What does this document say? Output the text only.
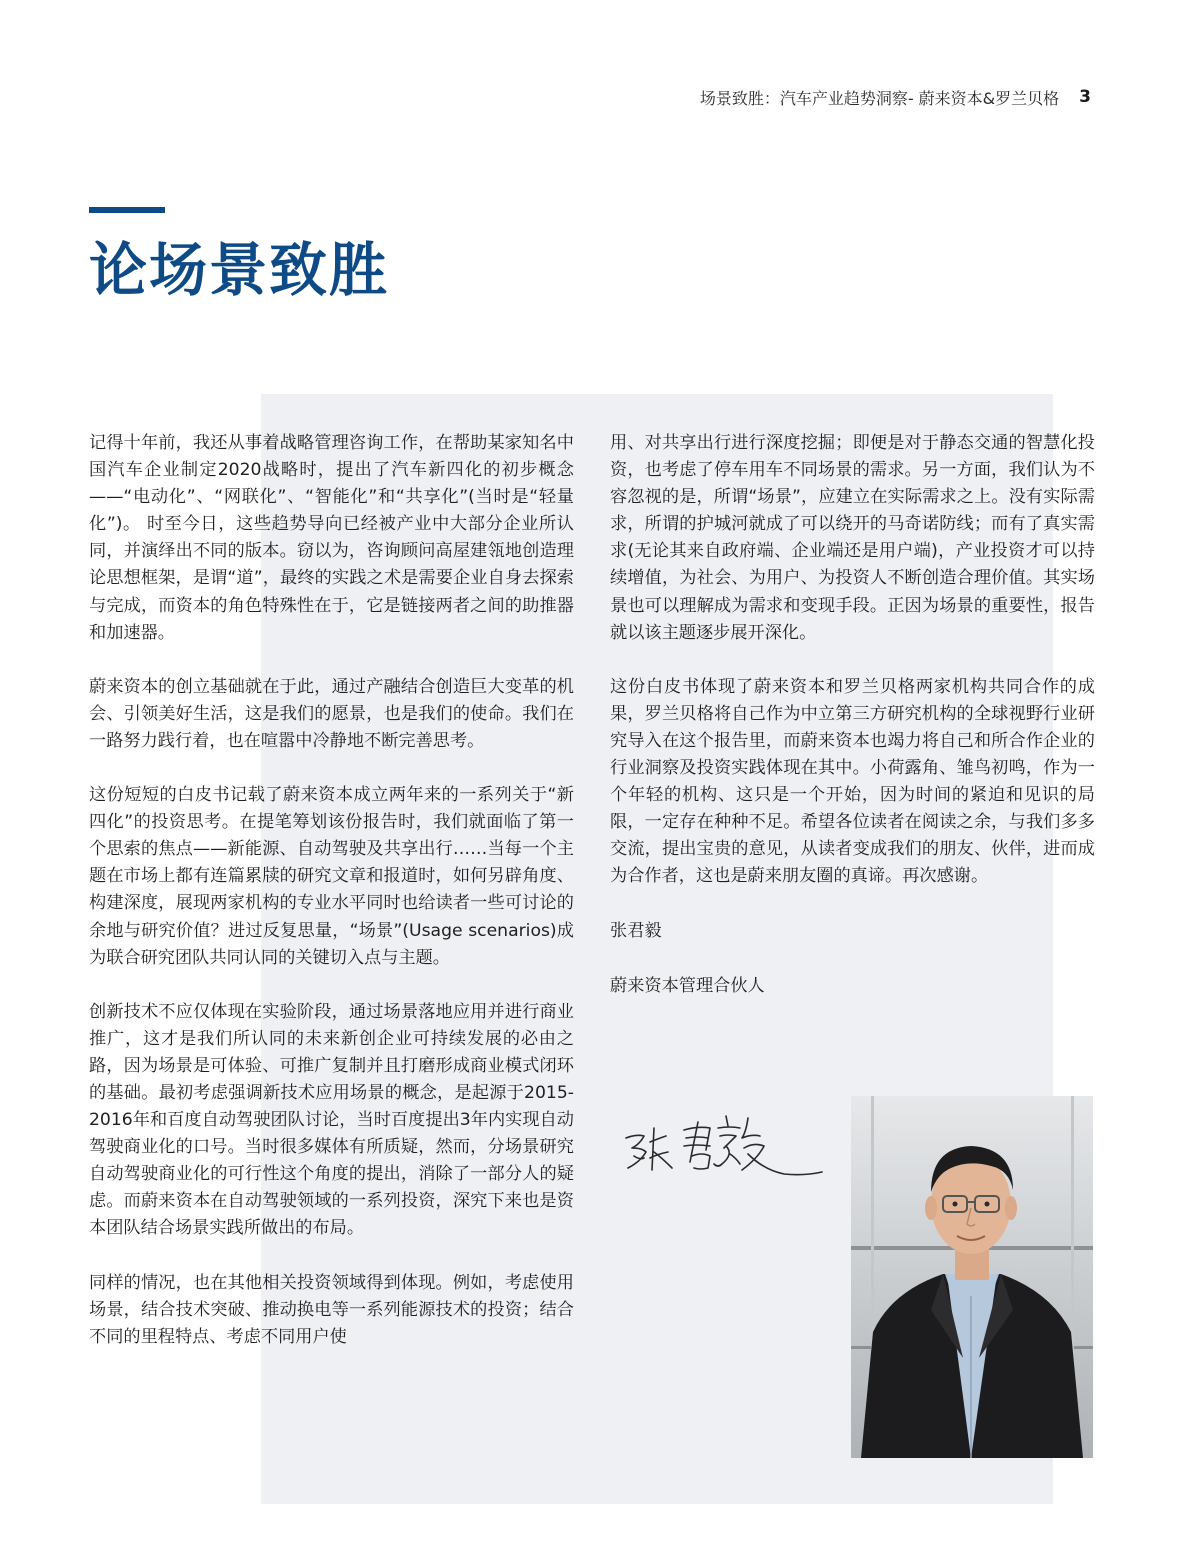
场景致胜：汽车产业趋势洞察- 蔚来资本&罗兰贝格 3
论场景致胜

记得十年前，我还从事着战略管理咨询工作，在帮助某家知名中国汽车企业制定2020战略时，提出了汽车新四化的初步概念——“电动化”、“网联化”、“智能化”和“共享化”(当时是“轻量化”)。 时至今日，这些趋势导向已经被产业中大部分企业所认同，并演绎出不同的版本。窃以为，咨询顾问高屋建瓴地创造理论思想框架，是谓“道”，最终的实践之术是需要企业自身去探索与完成，而资本的角色特殊性在于，它是链接两者之间的助推器和加速器。

蔚来资本的创立基础就在于此，通过产融结合创造巨大变革的机会、引领美好生活，这是我们的愿景，也是我们的使命。我们在一路努力践行着，也在喧嚣中冷静地不断完善思考。

这份短短的白皮书记载了蔚来资本成立两年来的一系列关于“新四化”的投资思考。在提笔筹划该份报告时，我们就面临了第一个思索的焦点——新能源、自动驾驶及共享出行……当每一个主题在市场上都有连篇累牍的研究文章和报道时，如何另辟角度、构建深度，展现两家机构的专业水平同时也给读者一些可讨论的余地与研究价值？进过反复思量，“场景”(Usage scenarios)成为联合研究团队共同认同的关键切入点与主题。

创新技术不应仅体现在实验阶段，通过场景落地应用并进行商业推广，这才是我们所认同的未来新创企业可持续发展的必由之路，因为场景是可体验、可推广复制并且打磨形成商业模式闭环的基础。最初考虑强调新技术应用场景的概念，是起源于2015-2016年和百度自动驾驶团队讨论，当时百度提出3年内实现自动驾驶商业化的口号。当时很多媒体有所质疑，然而，分场景研究自动驾驶商业化的可行性这个角度的提出，消除了一部分人的疑虑。而蔚来资本在自动驾驶领域的一系列投资，深究下来也是资本团队结合场景实践所做出的布局。

同样的情况，也在其他相关投资领域得到体现。例如，考虑使用场景，结合技术突破、推动换电等一系列能源技术的投资；结合不同的里程特点、考虑不同用户使

用、对共享出行进行深度挖掘；即便是对于静态交通的智慧化投资，也考虑了停车用车不同场景的需求。另一方面，我们认为不容忽视的是，所谓“场景”，应建立在实际需求之上。没有实际需求，所谓的护城河就成了可以绕开的马奇诺防线；而有了真实需求(无论其来自政府端、企业端还是用户端)，产业投资才可以持续增值，为社会、为用户、为投资人不断创造合理价值。其实场景也可以理解成为需求和变现手段。正因为场景的重要性，报告就以该主题逐步展开深化。

这份白皮书体现了蔚来资本和罗兰贝格两家机构共同合作的成果，罗兰贝格将自己作为中立第三方研究机构的全球视野行业研究导入在这个报告里，而蔚来资本也竭力将自己和所合作企业的行业洞察及投资实践体现在其中。小荷露角、雏鸟初鸣，作为一个年轻的机构、这只是一个开始，因为时间的紧迫和见识的局限，一定存在种种不足。希望各位读者在阅读之余，与我们多多交流，提出宝贵的意见，从读者变成我们的朋友、伙伴，进而成为合作者，这也是蔚来朋友圈的真谛。再次感谢。

张君毅

蔚来资本管理合伙人
